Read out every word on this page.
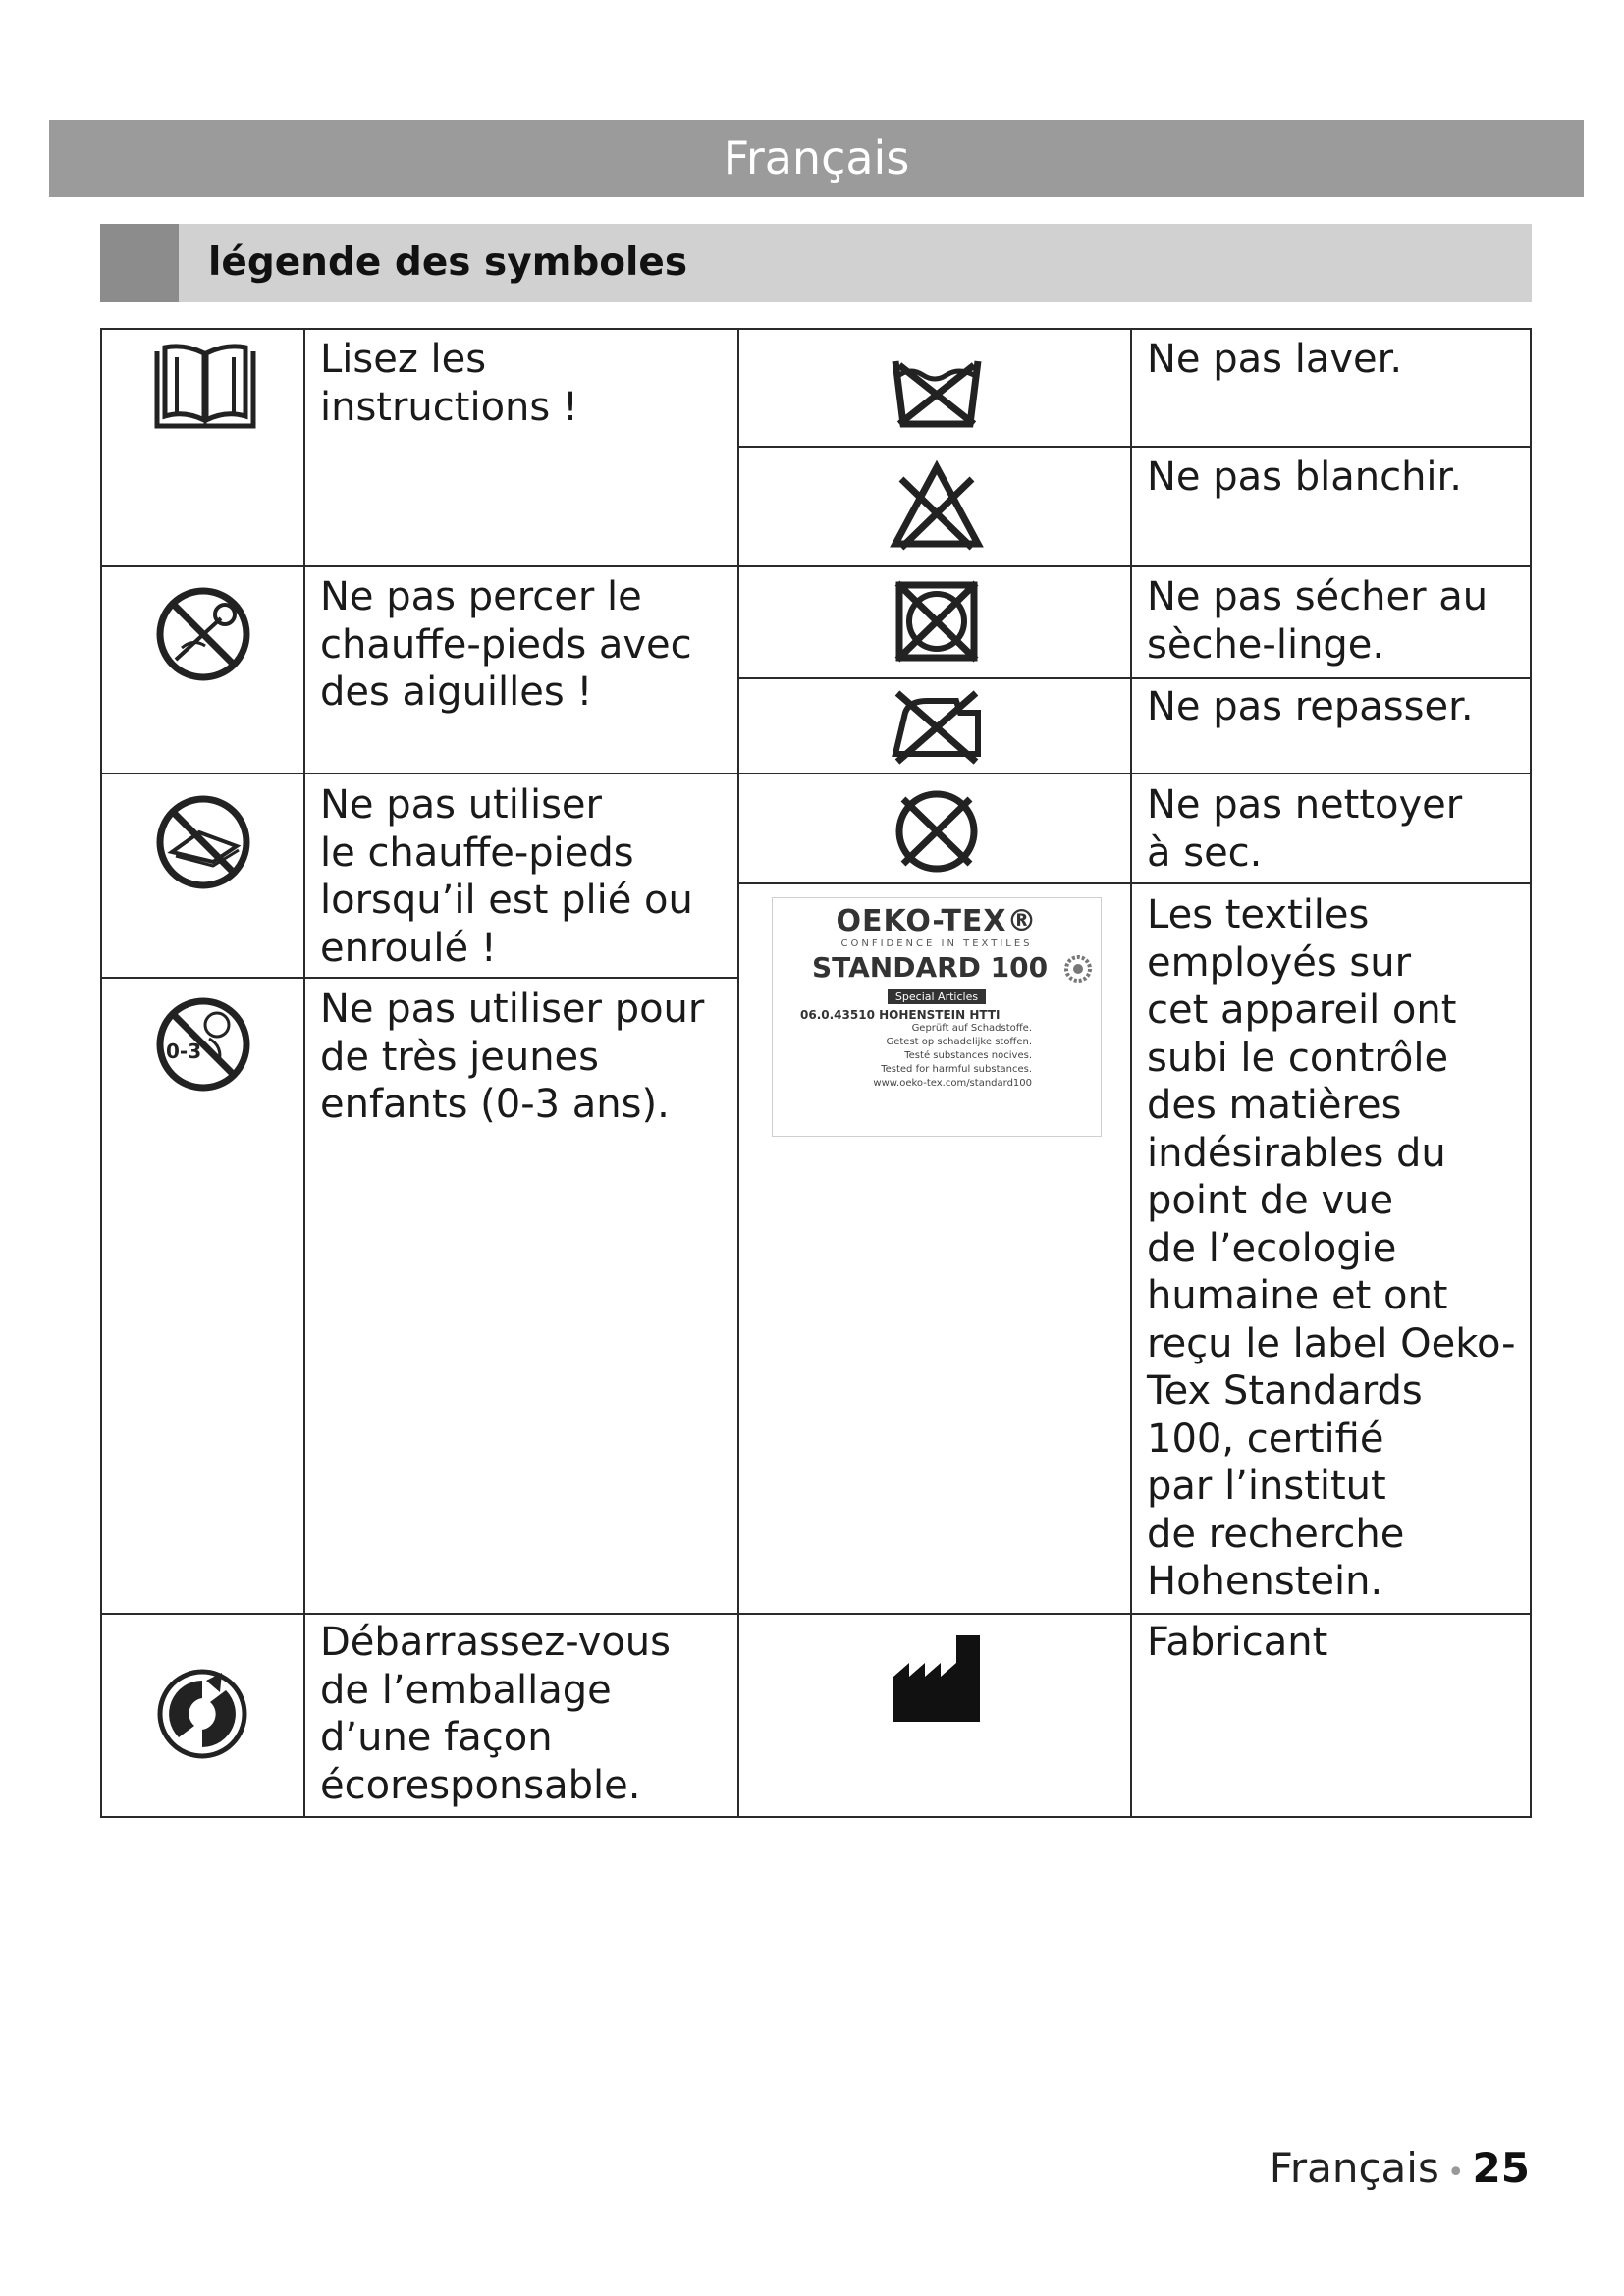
Français
légende des symboles
Lisez les
instructions !
Ne pas percer le
chauffe-pieds avec
des aiguilles !
Ne pas utiliser
le chauffe-pieds
lorsqu’il est plié ou
enroulé !
0-3
Ne pas utiliser pour
de très jeunes
enfants (0-3 ans).
Débarrassez-vous
de l’emballage
d’une façon
écoresponsable.
Ne pas laver.
Ne pas blanchir.
Ne pas sécher au
sèche-linge.
Ne pas repasser.
Ne pas nettoyer
à sec.
OEKO-TEX®
CONFIDENCE IN TEXTILES
STANDARD 100
Special Articles
06.0.43510 HOHENSTEIN HTTI
Geprüft auf Schadstoffe.
Getest op schadelijke stoffen.
Testé substances nocives.
Tested for harmful substances.
www.oeko-tex.com/standard100
Les textiles
employés sur
cet appareil ont
subi le contrôle
des matières
indésirables du
point de vue
de l’ecologie
humaine et ont
reçu le label Oeko-
Tex Standards
100, certifié
par l’institut
de recherche
Hohenstein.
Fabricant
Français • 25
